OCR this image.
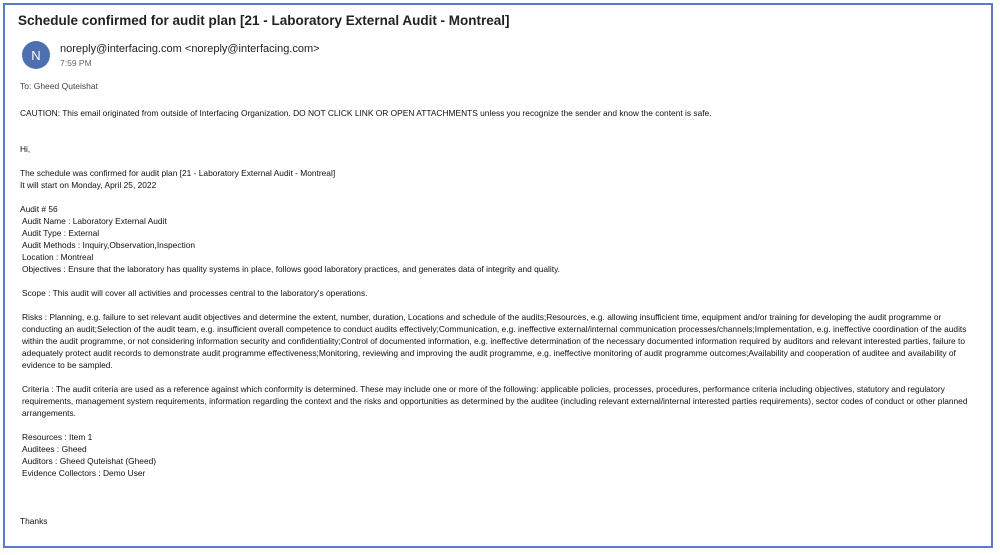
Schedule confirmed for audit plan [21 - Laboratory External Audit - Montreal]
N	noreply@interfacing.com <noreply@interfacing.com>
7:59 PM
To: Gheed Quteishat

CAUTION: This email originated from outside of Interfacing Organization. DO NOT CLICK LINK OR OPEN ATTACHMENTS unless you recognize the sender and know the content is safe.

Hi,

The schedule was confirmed for audit plan [21 - Laboratory External Audit - Montreal]

It will start on Monday, April 25, 2022

Audit # 56

Audit Name : Laboratory External Audit

Audit Type : External

Audit Methods : Inquiry,Observation,Inspection

Location : Montreal

Objectives : Ensure that the laboratory has quality systems in place, follows good laboratory practices, and generates data of integrity and quality.

Scope : This audit will cover all activities and processes central to the laboratory's operations.

Risks : Planning, e.g. failure to set relevant audit objectives and determine the extent, number, duration, Locations and schedule of the audits;Resources, e.g. allowing insufficient time, equipment and/or training for developing the audit programme or conducting an audit;Selection of the audit team, e.g. insufficient overall competence to conduct audits effectively;Communication, e.g. ineffective external/internal communication processes/channels;Implementation, e.g. ineffective coordination of the audits within the audit programme, or not considering information security and confidentiality;Control of documented information, e.g. ineffective determination of the necessary documented information required by auditors and relevant interested parties, failure to adequately protect audit records to demonstrate audit programme effectiveness;Monitoring, reviewing and improving the audit programme, e.g. ineffective monitoring of audit programme outcomes;Availability and cooperation of auditee and availability of evidence to be sampled.

Criteria : The audit criteria are used as a reference against which conformity is determined. These may include one or more of the following: applicable policies, processes, procedures, performance criteria including objectives, statutory and regulatory requirements, management system requirements, information regarding the context and the risks and opportunities as determined by the auditee (including relevant external/internal interested parties requirements), sector codes of conduct or other planned arrangements.

Resources : Item 1

Auditees : Gheed

Auditors : Gheed Quteishat (Gheed)

Evidence Collectors : Demo User

Thanks
